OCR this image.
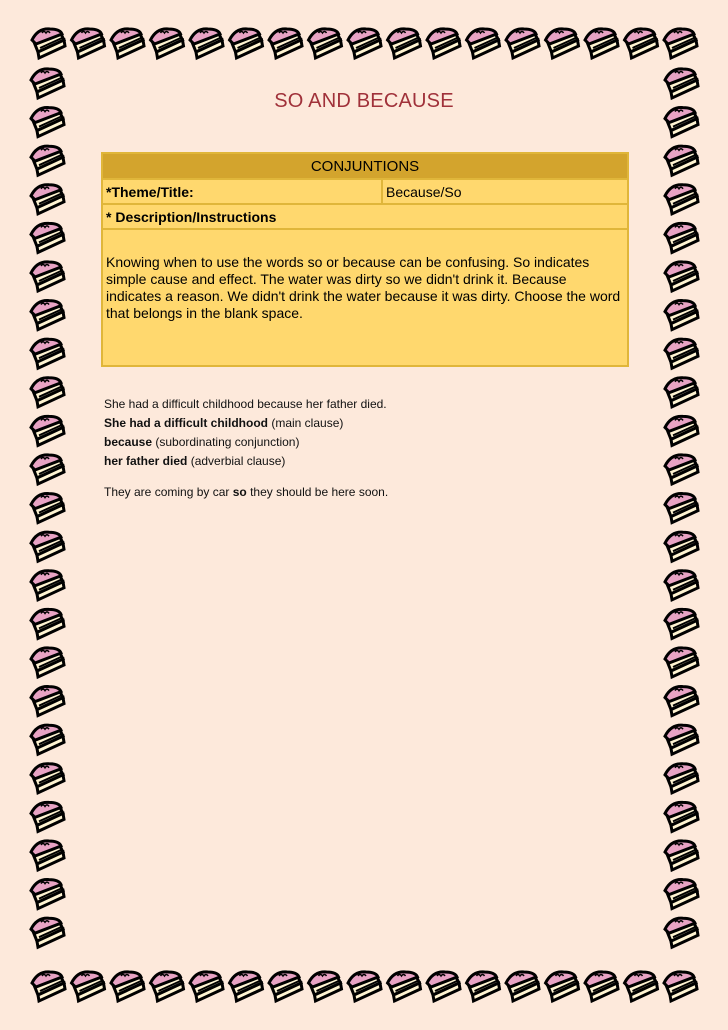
SO AND BECAUSE
CONJUNTIONS
*Theme/Title:	Because/So
* Description/Instructions
Knowing when to use the words so or because can be confusing. So indicates simple cause and effect. The water was dirty so we didn't drink it. Because indicates a reason. We didn't drink the water because it was dirty. Choose the word that belongs in the blank space.
She had a difficult childhood because her father died.
She had a difficult childhood (main clause)
because (subordinating conjunction)
her father died (adverbial clause)
They are coming by car so they should be here soon.
